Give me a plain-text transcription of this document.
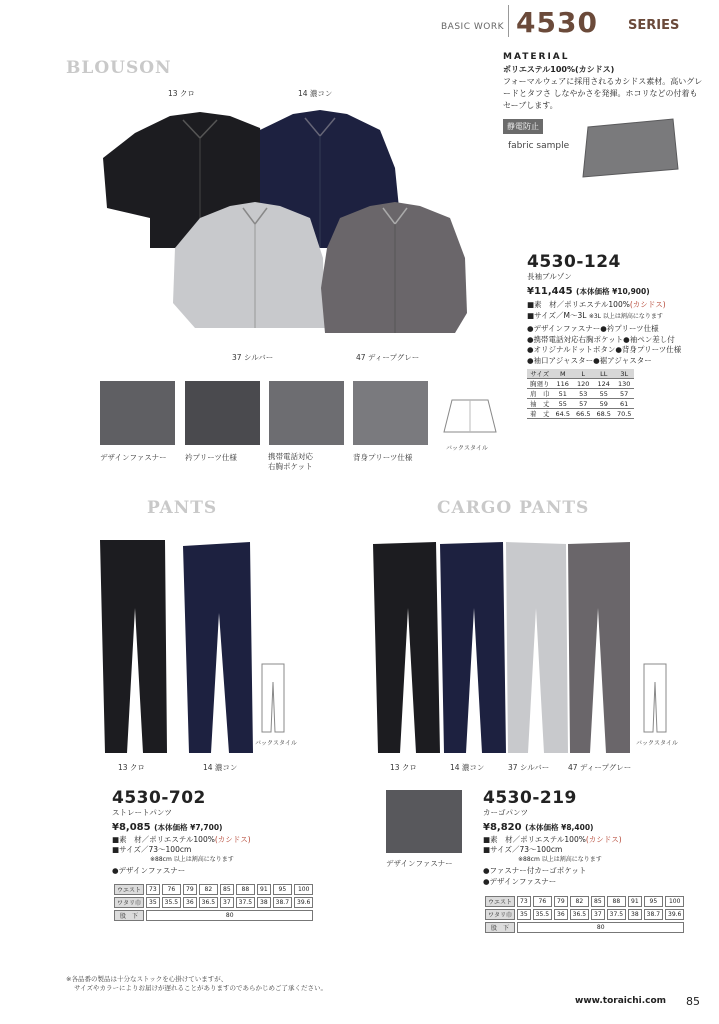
BASIC WORK 4530 SERIES
BLOUSON
13 クロ	14 濃コン
37 シルバー	47 ディープグレー
MATERIAL
ポリエステル100%(カシドス)
フォーマルウェアに採用されるカシドス素材。高いグレードとタフさ しなやかさを発揮。ホコリなどの付着もセーブします。
静電防止
fabric sample
4530-124
長袖ブルゾン
¥11,445 (本体価格 ¥10,900)
■素　材／ポリエステル100%(カシドス)
■サイズ／M〜3L ※3L 以上は割高になります
●デザインファスナー●衿プリーツ仕様
●携帯電話対応右胸ポケット●袖ペン差し付
●オリジナルドットボタン●背身プリーツ仕様
●袖口アジャスター●裾アジャスター
サイズ	M	L	LL	3L
胸廻り	116	120	124	130
肩　巾	51	53	55	57
袖　丈	55	57	59	61
着　丈	64.5	66.5	68.5	70.5
バックスタイル
デザインファスナー 衿プリーツ仕様	携帯電話対応
右胸ポケット
背身プリーツ仕様
PANTS
バックスタイル
13 クロ	14 濃コン
4530-702
ストレートパンツ
¥8,085 (本体価格 ¥7,700)
■素　材／ポリエステル100%(カシドス)
■サイズ／73〜100cm
※88cm 以上は割高になります
●デザインファスナー
ウエスト	73	76	79	82	85	88	91	95	100
ワタリ巾	35	35.5	36	36.5	37	37.5	38	38.7	39.6
股　下	80								
CARGO PANTS
バックスタイル
13 クロ	14 濃コン	37 シルバー	47 ディープグレー
デザインファスナー
4530-219
カーゴパンツ
¥8,820 (本体価格 ¥8,400)
■素　材／ポリエステル100%(カシドス)
■サイズ／73〜100cm
※88cm 以上は割高になります
●ファスナー付カーゴポケット
●デザインファスナー
ウエスト	73	76	79	82	85	88	91	95	100
ワタリ巾	35	35.5	36	36.5	37	37.5	38	38.7	39.6
股　下	80								
※各品番の製品は十分なストックを心掛けていますが、
サイズやカラーによりお届けが遅れることがありますのであらかじめご了承ください。
www.toraichi.com 85
